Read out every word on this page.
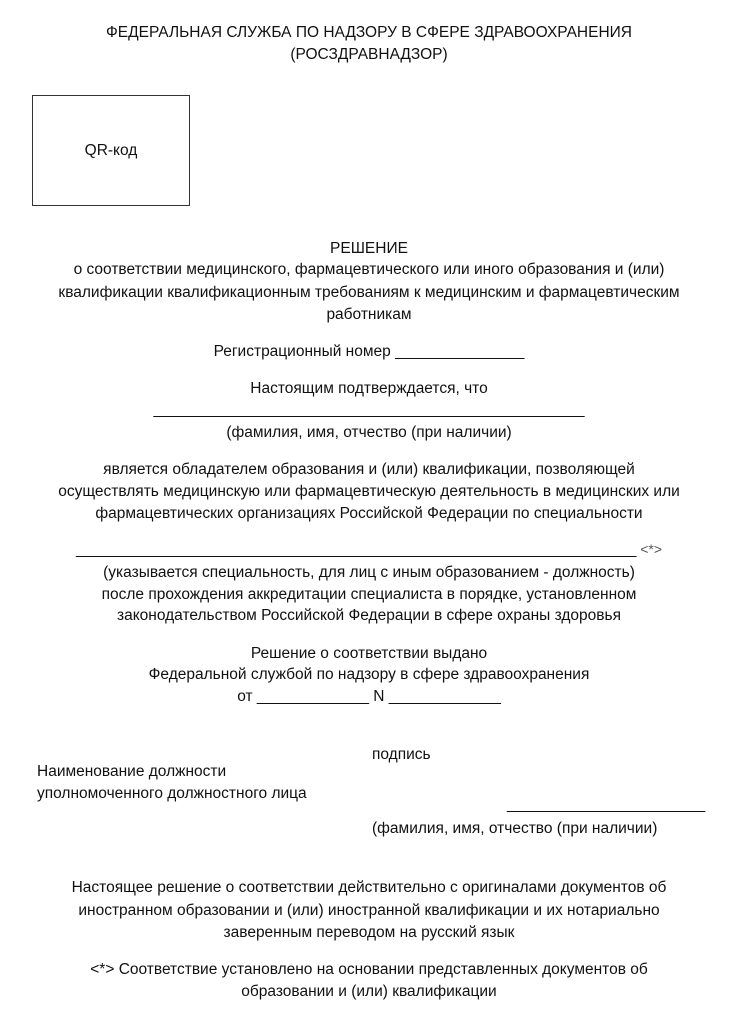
ФЕДЕРАЛЬНАЯ СЛУЖБА ПО НАДЗОРУ В СФЕРЕ ЗДРАВООХРАНЕНИЯ
(РОСЗДРАВНАДЗОР)
QR-код
РЕШЕНИЕ
о соответствии медицинского, фармацевтического или иного образования и (или)
квалификации квалификационным требованиям к медицинским и фармацевтическим
работникам
Регистрационный номер _______________
Настоящим подтверждается, что
__________________________________________________
(фамилия, имя, отчество (при наличии)
является обладателем образования и (или) квалификации, позволяющей
осуществлять медицинскую или фармацевтическую деятельность в медицинских или
фармацевтических организациях Российской Федерации по специальности
_________________________________________________________________ <*>
(указывается специальность, для лиц с иным образованием - должность)
после прохождения аккредитации специалиста в порядке, установленном
законодательством Российской Федерации в сфере охраны здоровья
Решение о соответствии выдано
Федеральной службой по надзору в сфере здравоохранения
от _____________ N _____________
подпись
Наименование должности
уполномоченного должностного лица
_______________________
(фамилия, имя, отчество (при наличии)
Настоящее решение о соответствии действительно с оригиналами документов об
иностранном образовании и (или) иностранной квалификации и их нотариально
заверенным переводом на русский язык
<*> Соответствие установлено на основании представленных документов об
образовании и (или) квалификации
